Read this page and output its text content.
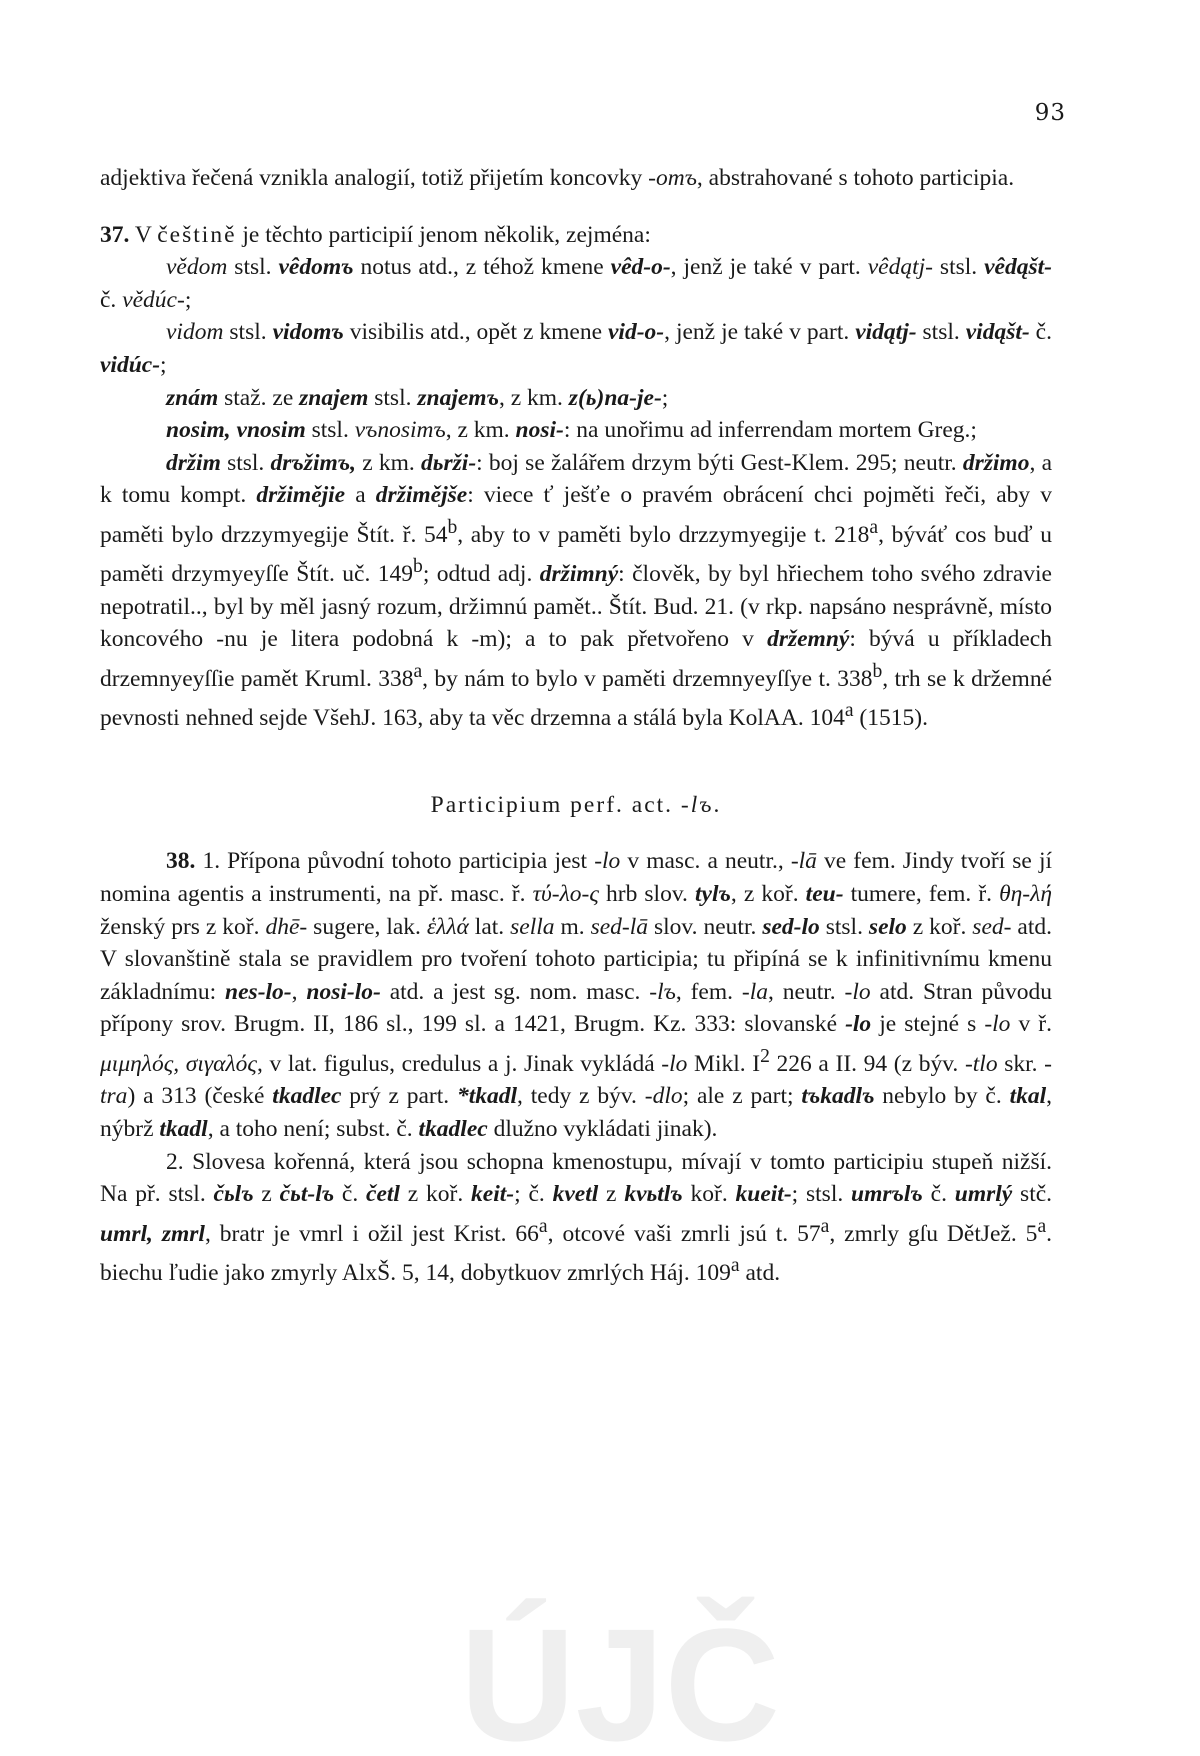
93

adjektiva řečená vznikla analogií, totiž přijetím koncovky -omъ, abstrahované s tohoto participia.

37. V češtině je těchto participií jenom několik, zejména:

vědom stsl. vêdomъ notus atd., z téhož kmene vêd-o-, jenž je také v part. vêdątj- stsl. vêdąšt- č. vědúc-;

vidom stsl. vidomъ visibilis atd., opět z kmene vid-o-, jenž je také v part. vidątj- stsl. vidąšt- č. vidúc-;

znám staž. ze znajem stsl. znajemъ, z km. z(ь)na-je-;

nosim, vnosim stsl. vъnosimъ, z km. nosi-: na unořimu ad inferrendam mortem Greg.;

držim stsl. drъžimъ, z km. dьrži-: boj se žalářem drzym býti Gest-Klem. 295; neutr. držimo, a k tomu kompt. držimějie a držimějše: viece ť ješťe o pravém obrácení chci pojměti řeči, aby v paměti bylo drzzymyegije Štít. ř. 54$^b$, aby to v paměti bylo drzzymyegije t. 218$^a$, býváť cos buď u paměti drzymyeyſſe Štít. uč. 149$^b$; odtud adj. držimný: člověk, by byl hřiechem toho svého zdravie nepotratil.., byl by měl jasný rozum, držimnú pamět.. Štít. Bud. 21. (v rkp. napsáno nesprávně, místo koncového -nu je litera podobná k -m); a to pak přetvořeno v držemný: bývá u příkladech drzemnyeyſſie pamět Kruml. 338$^a$, by nám to bylo v paměti drzemnyeyſſye t. 338$^b$, trh se k držemné pevnosti nehned sejde VšehJ. 163, aby ta věc drzemna a stálá byla KolAA. 104$^a$ (1515).

Participium perf. act. -lъ.

38. 1. Přípona původní tohoto participia jest -lo v masc. a neutr., -lā ve fem. Jindy tvoří se jí nomina agentis a instrumenti, na př. masc. ř. τύ-λο-ς hrb slov. tylъ, z koř. teu- tumere, fem. ř. θη-λή ženský prs z koř. dhē- sugere, lak. ἑλλά lat. sella m. sed-lā slov. neutr. sed-lo stsl. selo z koř. sed- atd. V slovanštině stala se pravidlem pro tvoření tohoto participia; tu připíná se k infinitivnímu kmenu základnímu: nes-lo-, nosi-lo- atd. a jest sg. nom. masc. -lъ, fem. -la, neutr. -lo atd. Stran původu přípony srov. Brugm. II, 186 sl., 199 sl. a 1421, Brugm. Kz. 333: slovanské -lo je stejné s -lo v ř. μιμηλός, σιγαλός, v lat. figulus, credulus a j. Jinak vykládá -lo Mikl. $I^2$ 226 a II. 94 (z býv. -tlo skr. -tra) a 313 (české tkadlec prý z part. *tkadl, tedy z býv. -dlo; ale z part; tъkadlъ nebylo by č. tkal, nýbrž tkadl, a toho není; subst. č. tkadlec dlužno vykládati jinak).

2. Slovesa kořenná, která jsou schopna kmenostupu, mívají v tomto participiu stupeň nižší. Na př. stsl. čьlъ z čьt-lъ č. četl z koř. keit-; č. kvetl z kvьtlъ koř. kueit-; stsl. umrъlъ č. umrlý stč. umrl, zmrl, bratr je vmrl i ožil jest Krist. 66$^a$, otcové vaši zmrli jsú t. 57$^a$, zmrly gſu DětJež. 5$^a$. biechu ľudie jako zmyrly AlxŠ. 5, 14, dobytkuov zmrlých Háj. 109$^a$ atd.

ÚJČ
